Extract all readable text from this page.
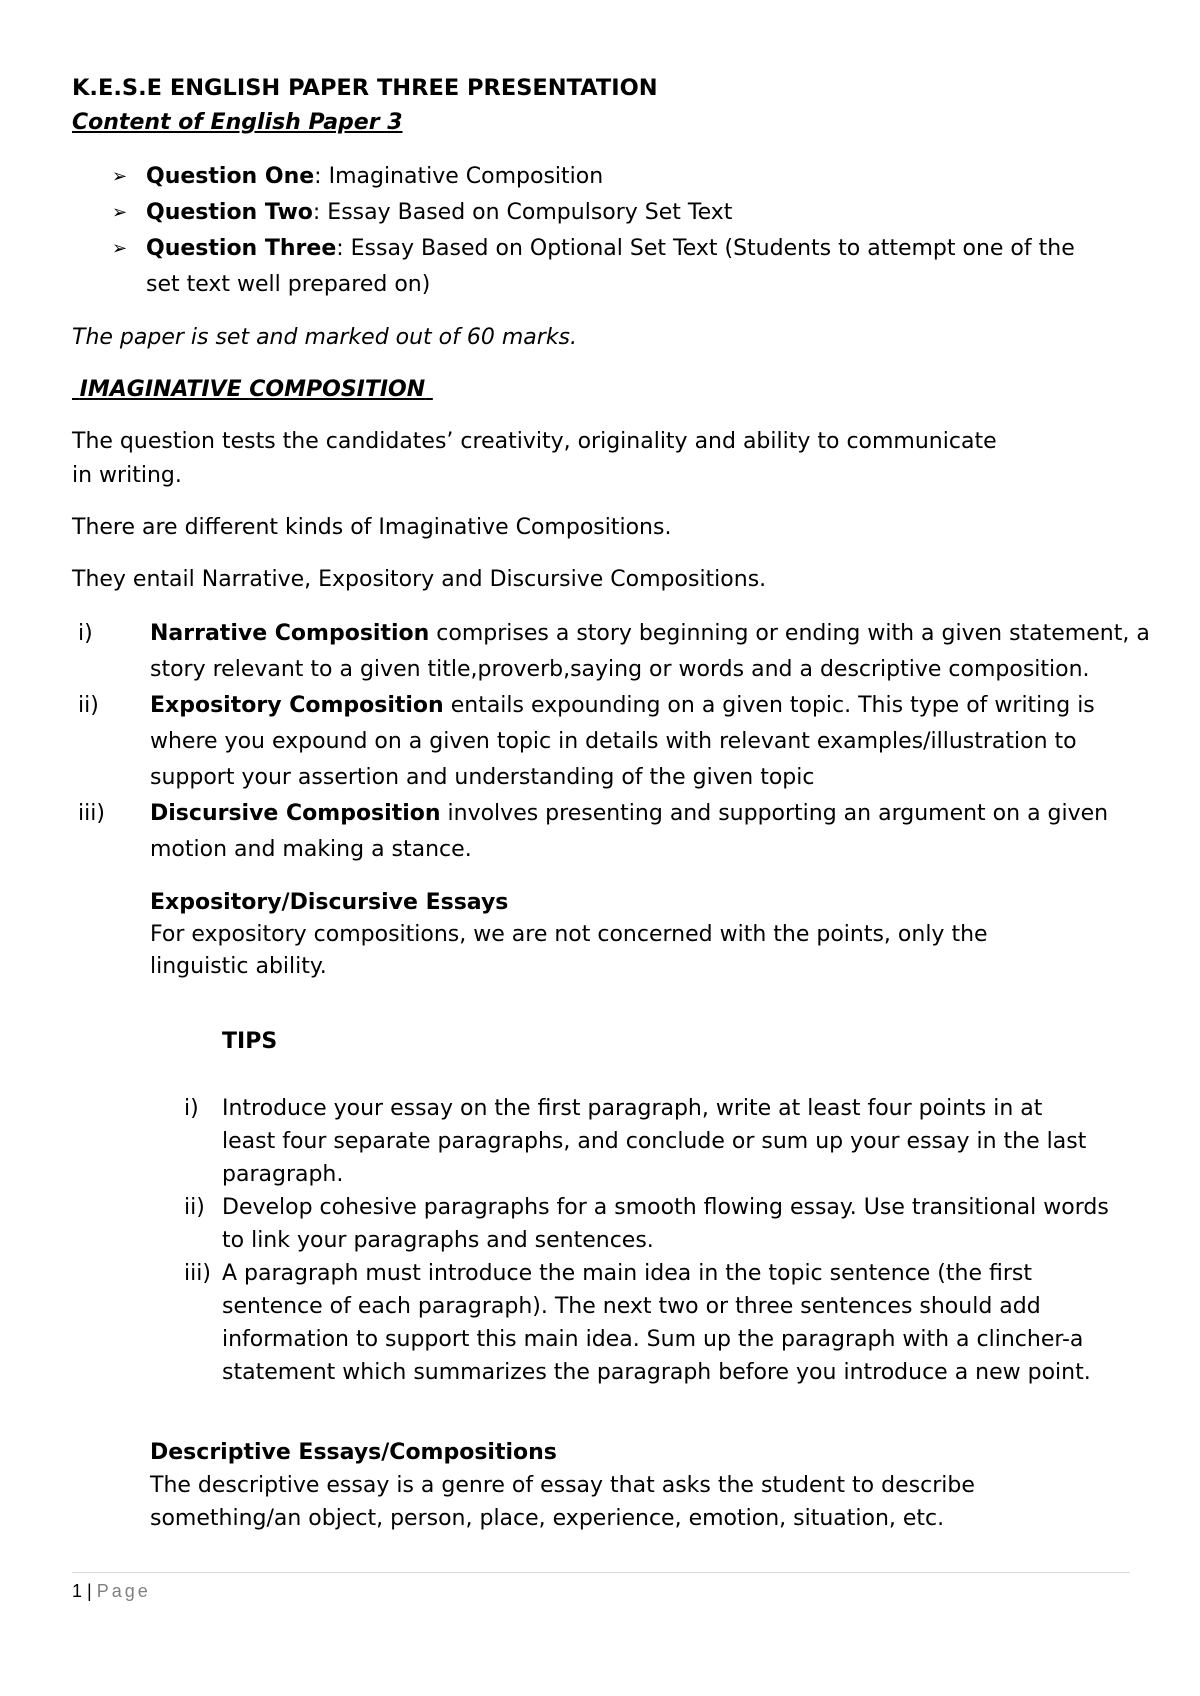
K.E.S.E ENGLISH PAPER THREE PRESENTATION
Content of English Paper 3
➢ Question One: Imaginative Composition
➢ Question Two: Essay Based on Compulsory Set Text
➢ Question Three: Essay Based on Optional Set Text (Students to attempt one of the
set text well prepared on)
The paper is set and marked out of 60 marks.
IMAGINATIVE COMPOSITION
The question tests the candidates’ creativity, originality and ability to communicate
in writing.
There are different kinds of Imaginative Compositions.
They entail Narrative, Expository and Discursive Compositions.
i)	Narrative Composition comprises a story beginning or ending with a given statement, a
story relevant to a given title,proverb,saying or words and a descriptive composition.
ii) Expository Composition entails expounding on a given topic. This type of writing is
where you expound on a given topic in details with relevant examples/illustration to
support your assertion and understanding of the given topic
iii) Discursive Composition involves presenting and supporting an argument on a given
motion and making a stance.
Expository/Discursive Essays
For expository compositions, we are not concerned with the points, only the
linguistic ability.
TIPS
i) Introduce your essay on the first paragraph, write at least four points in at
least four separate paragraphs, and conclude or sum up your essay in the last
paragraph.
ii) Develop cohesive paragraphs for a smooth flowing essay. Use transitional words
to link your paragraphs and sentences.
iii) A paragraph must introduce the main idea in the topic sentence (the first
sentence of each paragraph). The next two or three sentences should add
information to support this main idea. Sum up the paragraph with a clincher-a
statement which summarizes the paragraph before you introduce a new point.
Descriptive Essays/Compositions
The descriptive essay is a genre of essay that asks the student to describe
something/an object, person, place, experience, emotion, situation, etc.
1 | Page
